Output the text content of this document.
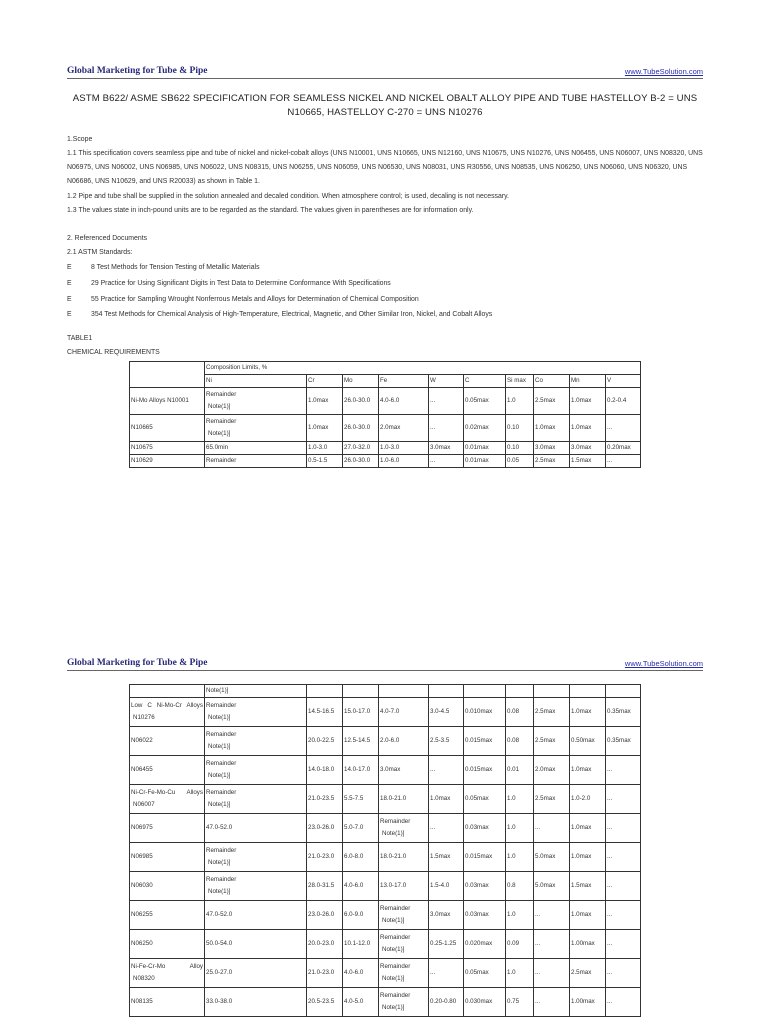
Global Marketing for Tube & Pipe	www.TubeSolution.com
ASTM B622/ ASME SB622 SPECIFICATION FOR SEAMLESS NICKEL AND NICKEL OBALT ALLOY PIPE AND TUBE HASTELLOY B-2 = UNS N10665, HASTELLOY C-270 = UNS N10276
1.Scope
1.1 This specification covers seamless pipe and tube of nickel and nickel-cobalt alloys (UNS N10001, UNS N10665, UNS N12160, UNS N10675, UNS N10276, UNS N06455, UNS N06007, UNS N08320, UNS N06975, UNS N06002, UNS N06985, UNS N06022, UNS N08315, UNS N06255, UNS N06059, UNS N06530, UNS N08031, UNS R30556, UNS N08535, UNS N06250, UNS N06060, UNS N06320, UNS N06686, UNS N10629, and UNS R20033) as shown in Table 1.
1.2 Pipe and tube shall be supplied in the solution annealed and decaled condition. When atmosphere control; is used, decaling is not necessary.
1.3 The values state in inch-pound units are to be regarded as the standard. The values given in parentheses are for information only.
2. Referenced Documents
2.1 ASTM Standards:
E	8 Test Methods for Tension Testing of Metallic Materials
E	29 Practice for Using Significant Digits in Test Data to Determine Conformance With Specifications
E	55 Practice for Sampling Wrought Nonferrous Metals and Alloys for Determination of Chemical Composition
E	354 Test Methods for Chemical Analysis of High-Temperature, Electrical, Magnetic, and Other Similar Iron, Nickel, and Cobalt Alloys
TABLE1
CHEMICAL REQUIREMENTS
	Composition Limits, %									
	Ni	Cr	Mo	Fe	W	C	Si max	Co	Mn	V
Ni-Mo Alloys N10001	Remainder
Note(1)]	1.0max	26.0-30.0	4.0-6.0	...	0.05max	1.0	2.5max	1.0max	0.2-0.4
N10665	Remainder
Note(1)]	1.0max	26.0-30.0	2.0max	...	0.02max	0.10	1.0max	1.0max	...
N10675	65.0min	1.0-3.0	27.0-32.0	1.0-3.0	3.0max	0.01max	0.10	3.0max	3.0max	0.20max
N10629	Remainder	0.5-1.5	26.0-30.0	1.0-6.0	...	0.01max	0.05	2.5max	1.5max	...
Global Marketing for Tube & Pipe	www.TubeSolution.com
	Note(1)]									

Low C Ni-Mo-Cr Alloys
N10276	Remainder
Note(1)]	14.5-16.5	15.0-17.0	4.0-7.0	3.0-4.5	0.010max	0.08	2.5max	1.0max	0.35max
N06022	Remainder
Note(1)]	20.0-22.5	12.5-14.5	2.0-6.0	2.5-3.5	0.015max	0.08	2.5max	0.50max	0.35max
N06455	Remainder
Note(1)]	14.0-18.0	14.0-17.0	3.0max	...	0.015max	0.01	2.0max	1.0max	...

Ni-Cr-Fe-Mo-Cu Alloys
N06007	Remainder
Note(1)]	21.0-23.5	5.5-7.5	18.0-21.0	1.0max	0.05max	1.0	2.5max	1.0-2.0	...
N06975	47.0-52.0	23.0-26.0	5.0-7.0	Remainder
Note(1)]	...	0.03max	1.0	...	1.0max	...
N06985	Remainder
Note(1)]	21.0-23.0	6.0-8.0	18.0-21.0	1.5max	0.015max	1.0	5.0max	1.0max	...
N06030	Remainder
Note(1)]	28.0-31.5	4.0-6.0	13.0-17.0	1.5-4.0	0.03max	0.8	5.0max	1.5max	...
N06255	47.0-52.0	23.0-26.0	6.0-9.0	Remainder
Note(1)]	3.0max	0.03max	1.0	...	1.0max	...
N06250	50.0-54.0	20.0-23.0	10.1-12.0	Remainder
Note(1)]	0.25-1.25	0.020max	0.09	...	1.00max	...

Ni-Fe-Cr-Mo Alloy
N08320	25.0-27.0	21.0-23.0	4.0-6.0	Remainder
Note(1)]	...	0.05max	1.0	...	2.5max	...
N08135	33.0-38.0	20.5-23.5	4.0-5.0	Remainder
Note(1)]	0.20-0.80	0.030max	0.75	...	1.00max	...
